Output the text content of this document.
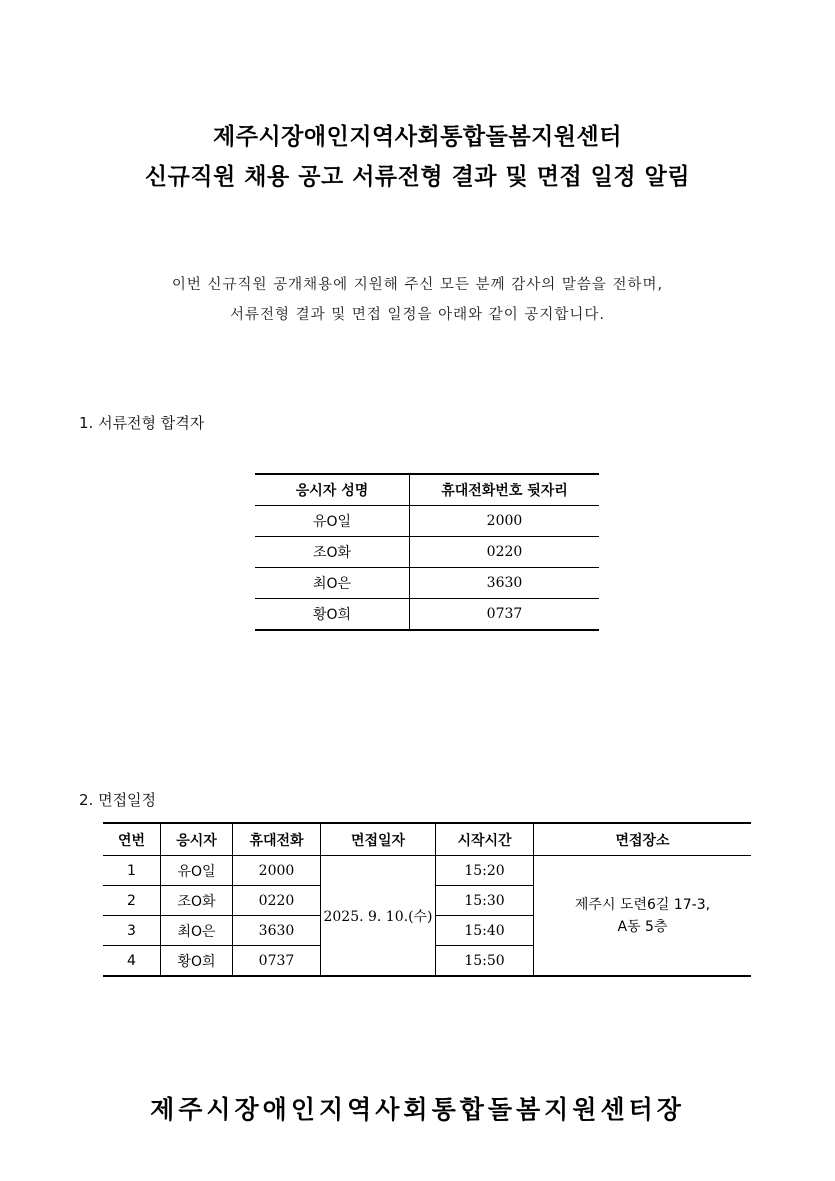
제주시장애인지역사회통합돌봄지원센터
신규직원 채용 공고 서류전형 결과 및 면접 일정 알림
이번 신규직원 공개채용에 지원해 주신 모든 분께 감사의 말씀을 전하며,
서류전형 결과 및 면접 일정을 아래와 같이 공지합니다.
1. 서류전형 합격자
응시자 성명	휴대전화번호 뒷자리
유O일	2000
조O화	0220
최O은	3630
황O희	0737
2. 면접일정
연번	응시자	휴대전화	면접일자	시작시간	면접장소
1	유O일	2000	2025. 9. 10.(수)	15:20	제주시 도련6길 17-3,
A동 5층

2	조O화	0220		15:30	
3	최O은	3630		15:40	
4	황O희	0737		15:50	
제주시장애인지역사회통합돌봄지원센터장
